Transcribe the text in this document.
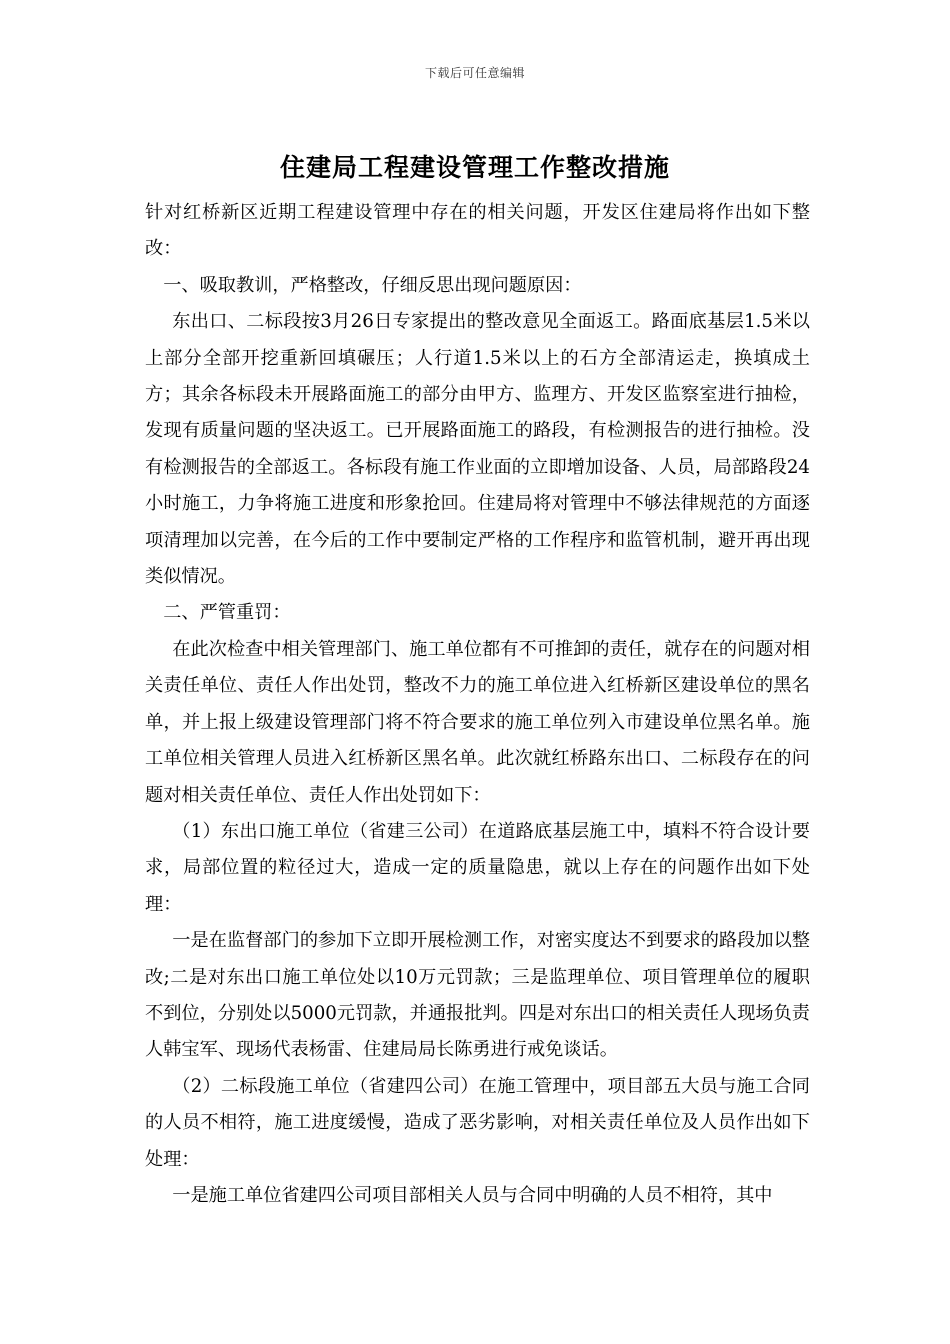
下载后可任意编辑
住建局工程建设管理工作整改措施

针对红桥新区近期工程建设管理中存在的相关问题，开发区住建局将作出如下整改：

一、吸取教训，严格整改，仔细反思出现问题原因：

东出口、二标段按3月26日专家提出的整改意见全面返工。路面底基层1.5米以上部分全部开挖重新回填碾压；人行道1.5米以上的石方全部清运走，换填成土方；其余各标段未开展路面施工的部分由甲方、监理方、开发区监察室进行抽检，发现有质量问题的坚决返工。已开展路面施工的路段，有检测报告的进行抽检。没有检测报告的全部返工。各标段有施工作业面的立即增加设备、人员，局部路段24小时施工，力争将施工进度和形象抢回。住建局将对管理中不够法律规范的方面逐项清理加以完善，在今后的工作中要制定严格的工作程序和监管机制，避开再出现类似情况。

二、严管重罚：

在此次检查中相关管理部门、施工单位都有不可推卸的责任，就存在的问题对相关责任单位、责任人作出处罚，整改不力的施工单位进入红桥新区建设单位的黑名单，并上报上级建设管理部门将不符合要求的施工单位列入市建设单位黑名单。施工单位相关管理人员进入红桥新区黑名单。此次就红桥路东出口、二标段存在的问题对相关责任单位、责任人作出处罚如下：

（1）东出口施工单位（省建三公司）在道路底基层施工中，填料不符合设计要求，局部位置的粒径过大，造成一定的质量隐患，就以上存在的问题作出如下处理：

一是在监督部门的参加下立即开展检测工作，对密实度达不到要求的路段加以整改;二是对东出口施工单位处以10万元罚款；三是监理单位、项目管理单位的履职不到位，分别处以5000元罚款，并通报批判。四是对东出口的相关责任人现场负责人韩宝军、现场代表杨雷、住建局局长陈勇进行戒免谈话。

（2）二标段施工单位（省建四公司）在施工管理中，项目部五大员与施工合同的人员不相符，施工进度缓慢，造成了恶劣影响，对相关责任单位及人员作出如下处理：

一是施工单位省建四公司项目部相关人员与合同中明确的人员不相符，其中
